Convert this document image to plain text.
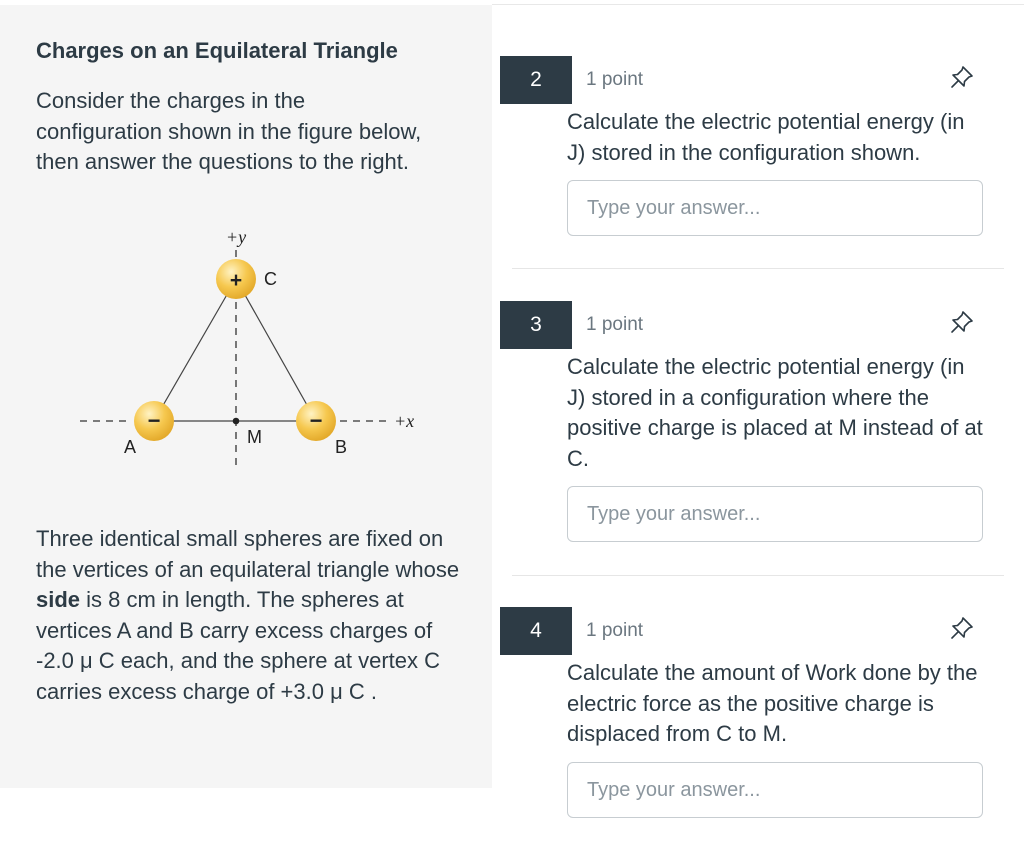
Charges on an Equilateral Triangle

Consider the charges in the configuration shown in the figure below, then answer the questions to the right.

+
−	−
+y
+x
C
A	B
M

Three identical small spheres are fixed on the vertices of an equilateral triangle whose side is 8 cm in length. The spheres at vertices A and B carry excess charges of -2.0 μ C each, and the sphere at vertex C carries excess charge of +3.0 μ C .

2	1 point

Calculate the electric potential energy (in J) stored in the configuration shown.

Type your answer...
3	1 point

Calculate the electric potential energy (in J) stored in a configuration where the positive charge is placed at M instead of at C.

Type your answer...
4	1 point

Calculate the amount of Work done by the electric force as the positive charge is displaced from C to M.

Type your answer...
